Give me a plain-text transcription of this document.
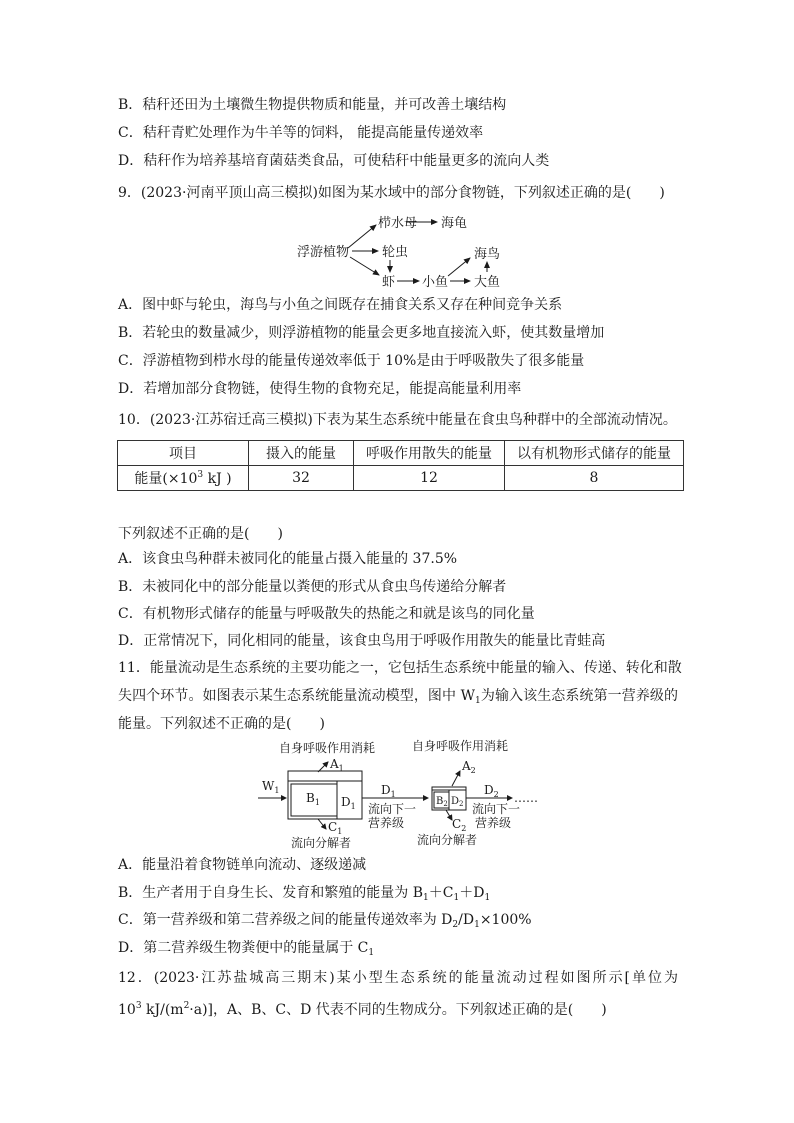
B．秸秆还田为土壤微生物提供物质和能量，并可改善土壤结构
C．秸秆青贮处理作为牛羊等的饲料， 能提高能量传递效率
D．秸秆作为培养基培育菌菇类食品，可使秸秆中能量更多的流向人类
9．(2023·河南平顶山高三模拟)如图为某水域中的部分食物链，下列叙述正确的是(　　)
浮游植物
栉水母 海龟
轮虫
虾 小鱼
海鸟
大鱼
A．图中虾与轮虫，海鸟与小鱼之间既存在捕食关系又存在种间竞争关系
B．若轮虫的数量减少，则浮游植物的能量会更多地直接流入虾，使其数量增加
C．浮游植物到栉水母的能量传递效率低于 10%是由于呼吸散失了很多能量
D．若增加部分食物链，使得生物的食物充足，能提高能量利用率
10．(2023·江苏宿迁高三模拟)下表为某生态系统中能量在食虫鸟种群中的全部流动情况。
项目	摄入的能量	呼吸作用散失的能量	以有机物形式储存的能量
能量($\times 10^3$ kJ )	32	12	8
下列叙述不正确的是(　　)
A．该食虫鸟种群未被同化的能量占摄入能量的 37.5%
B．未被同化中的部分能量以粪便的形式从食虫鸟传递给分解者
C．有机物形式储存的能量与呼吸散失的热能之和就是该鸟的同化量
D．正常情况下，同化相同的能量，该食虫鸟用于呼吸作用散失的能量比青蛙高
11．能量流动是生态系统的主要功能之一，它包括生态系统中能量的输入、传递、转化和散
失四个环节。如图表示某生态系统能量流动模型，图中 $W_1$为输入该生态系统第一营养级的
能量。下列叙述不正确的是(　　)
自身呼吸作用消耗
$A_1$
$W_1$
$B_1$ $D_1$
$C_1$
流向分解者
$D_1$
流向下一
营养级
自身呼吸作用消耗
$A_2$
$B_2$ $D_2$
$C_2$
流向分解者
$D_2$ ……
流向下一
营养级
A．能量沿着食物链单向流动、逐级递减
B．生产者用于自身生长、发育和繁殖的能量为 $B_1+C_1+D_1$
C．第一营养级和第二营养级之间的能量传递效率为 $D_2/D_1\times 100\%$
D．第二营养级生物粪便中的能量属于 $C_1$
12．(2023·江苏盐城高三期末)某小型生态系统的能量流动过程如图所示[单位为
$10^3$ $kJ/(m^2\cdot a)$]，A、B、C、D 代表不同的生物成分。下列叙述正确的是(　　)
